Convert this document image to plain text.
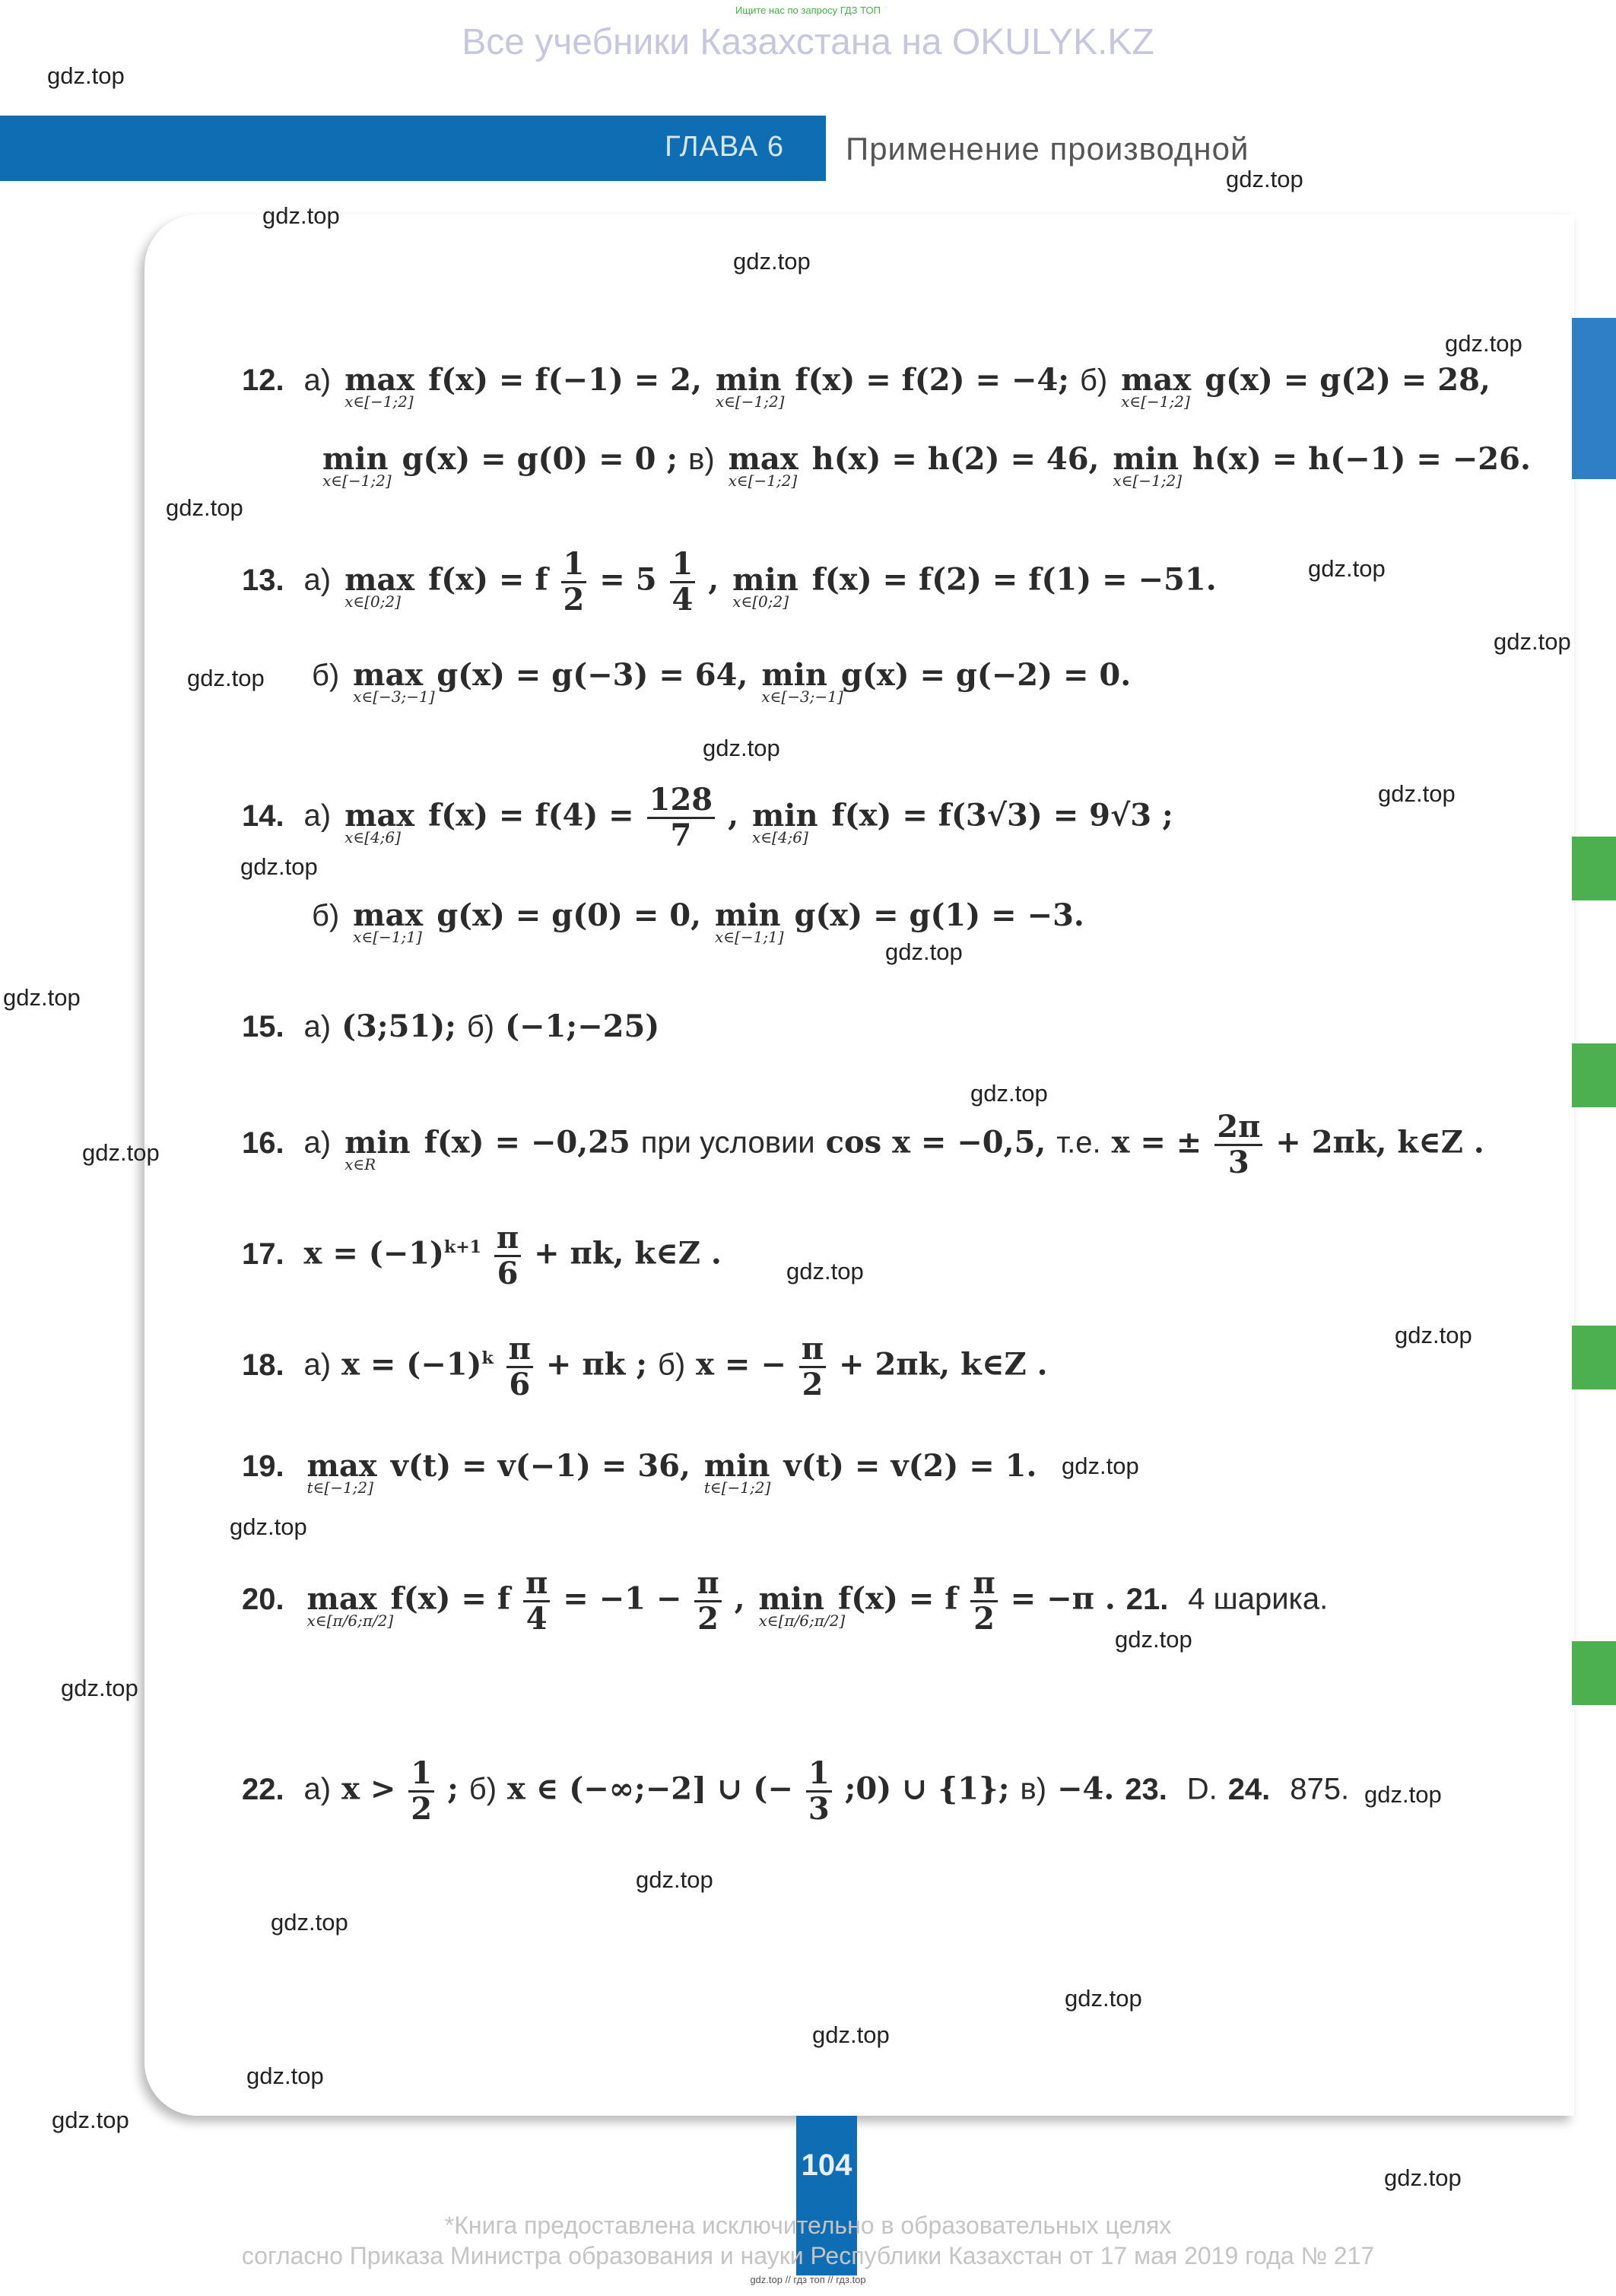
Ищите нас по запросу ГДЗ ТОП
Все учебники Казахстана на OKULYK.KZ
ГЛАВА 6 Применение производной
12. а) max
x∈[−1;2]
f(x) = f(−1) = 2, min
x∈[−1;2]
f(x) = f(2) = −4; б) max
x∈[−1;2]
g(x) = g(2) = 28,
min
x∈[−1;2]
g(x) = g(0) = 0 ; в) max
x∈[−1;2]
h(x) = h(2) = 46, min
x∈[−1;2]
h(x) = h(−1) = −26.
13. а) max
x∈[0;2]
f(x) = f $\frac{1}{2} = 5 \frac{1}{4}$ , min
x∈[0;2]
f(x) = f(2) = f(1) = −51.
б) max
x∈[−3;−1]
g(x) = g(−3) = 64, min
x∈[−3;−1]
g(x) = g(−2) = 0.
14. а) max
x∈[4;6]
$f(x) = f(4) = \frac{128}{7}$ , min
x∈[4;6]
f(x) = f(3√3) = 9√3 ;
б) max
x∈[−1;1]
g(x) = g(0) = 0, min
x∈[−1;1]
g(x) = g(1) = −3.
15. а) (3;51); б) (−1;−25)
16. а) min
x∈R
f(x) = −0,25 при условии cos x = −0,5, т.е. x = ± $\frac{2\pi}{3} + 2\pi k$, k∈Z .
17. $x = (-1)^{k+1} \frac{\pi}{6} + \pi k$, k∈Z .
18. а) $x = (-1)^k \frac{\pi}{6} + \pi k$ ; б) x = − $\frac{\pi}{2} + 2\pi k$, k∈Z .
19. max
t∈[−1;2]
v(t) = v(−1) = 36, min
t∈[−1;2]
v(t) = v(2) = 1.
20. max
x∈[π/6;π/2]
f(x) = f $\frac{\pi}{4} = -1 - \frac{\pi}{2}$ , min
x∈[π/6;π/2]
f(x) = f $\frac{\pi}{2} = -\pi$ . 21. 4 шарика.
22. а) $x > \frac{1}{2}$ ; б) x ∈ (−∞;−2] ∪ (− $\frac{1}{3}$ ;0) ∪ {1}; в) −4. 23. D. 24. 875.
gdz.top
gdz.top
gdz.top
gdz.top
gdz.top
gdz.top
gdz.top
gdz.top
gdz.top
gdz.top
gdz.top
gdz.top
gdz.top
gdz.top
gdz.top
gdz.top
gdz.top
gdz.top
gdz.top
gdz.top
gdz.top
gdz.top
gdz.top
gdz.top
gdz.top
gdz.top
gdz.top
gdz.top
gdz.top
gdz.top
104
*Книга предоставлена исключительно в образовательных целях
согласно Приказа Министра образования и науки Республики Казахстан от 17 мая 2019 года № 217
gdz.top // гдз топ // гдз.top
